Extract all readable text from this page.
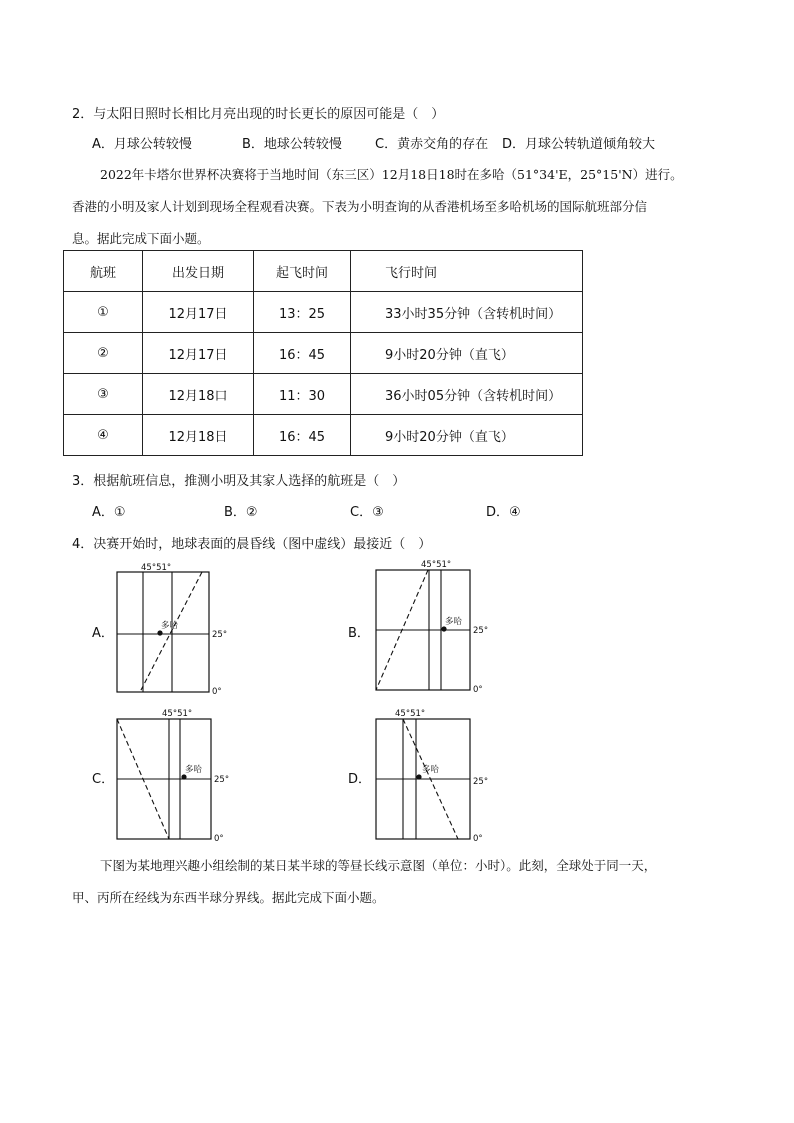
2．与太阳日照时长相比月亮出现的时长更长的原因可能是（　）
A．月球公转较慢	B．地球公转较慢	C．黄赤交角的存在 D．月球公转轨道倾角较大
2022年卡塔尔世界杯决赛将于当地时间（东三区）12月18日18时在多哈（51°34'E，25°15'N）进行。
香港的小明及家人计划到现场全程观看决赛。下表为小明查询的从香港机场至多哈机场的国际航班部分信
息。据此完成下面小题。
航班	出发日期	起飞时间	飞行时间
①	12月17日	13：25	33小时35分钟（含转机时间）
②	12月17日	16：45	9小时20分钟（直飞）
③	12月18口	11：30	36小时05分钟（含转机时间）
④	12月18日	16：45	9小时20分钟（直飞）
3．根据航班信息，推测小明及其家人选择的航班是（　）
A．①	B．②	C．③	D．④
4．决赛开始时，地球表面的晨昏线（图中虚线）最接近（　）
A．
45°51°
多哈
25°
0°
B．
45°51°
多哈
25°
0°
C．
45°51°
多哈
25°
0°
D．
45°51°
多哈
25°
0°
下图为某地理兴趣小组绘制的某日某半球的等昼长线示意图（单位：小时）。此刻，全球处于同一天，
甲、丙所在经线为东西半球分界线。据此完成下面小题。
